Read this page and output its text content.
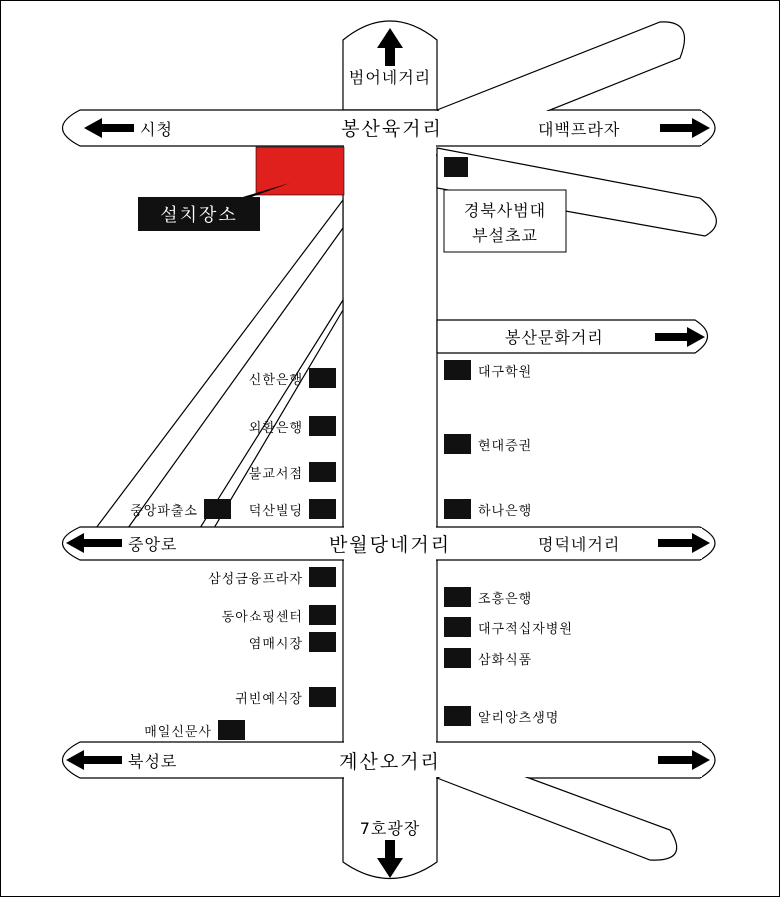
설치장소	경북사범대
부설초교
봉산육거리
반월당네거리
계산오거리
범어네거리
시청	대백프라자
봉산문화거리
중앙로	명덕네거리
북성로
7호광장
신한은행
외환은행
불교서점
덕산빌딩
삼성금융프라자
동아쇼핑센터
염매시장
귀빈예식장
중앙파출소
매일신문사
대구학원
현대증권
하나은행
조흥은행
대구적십자병원
삼화식품
알리앙츠생명
